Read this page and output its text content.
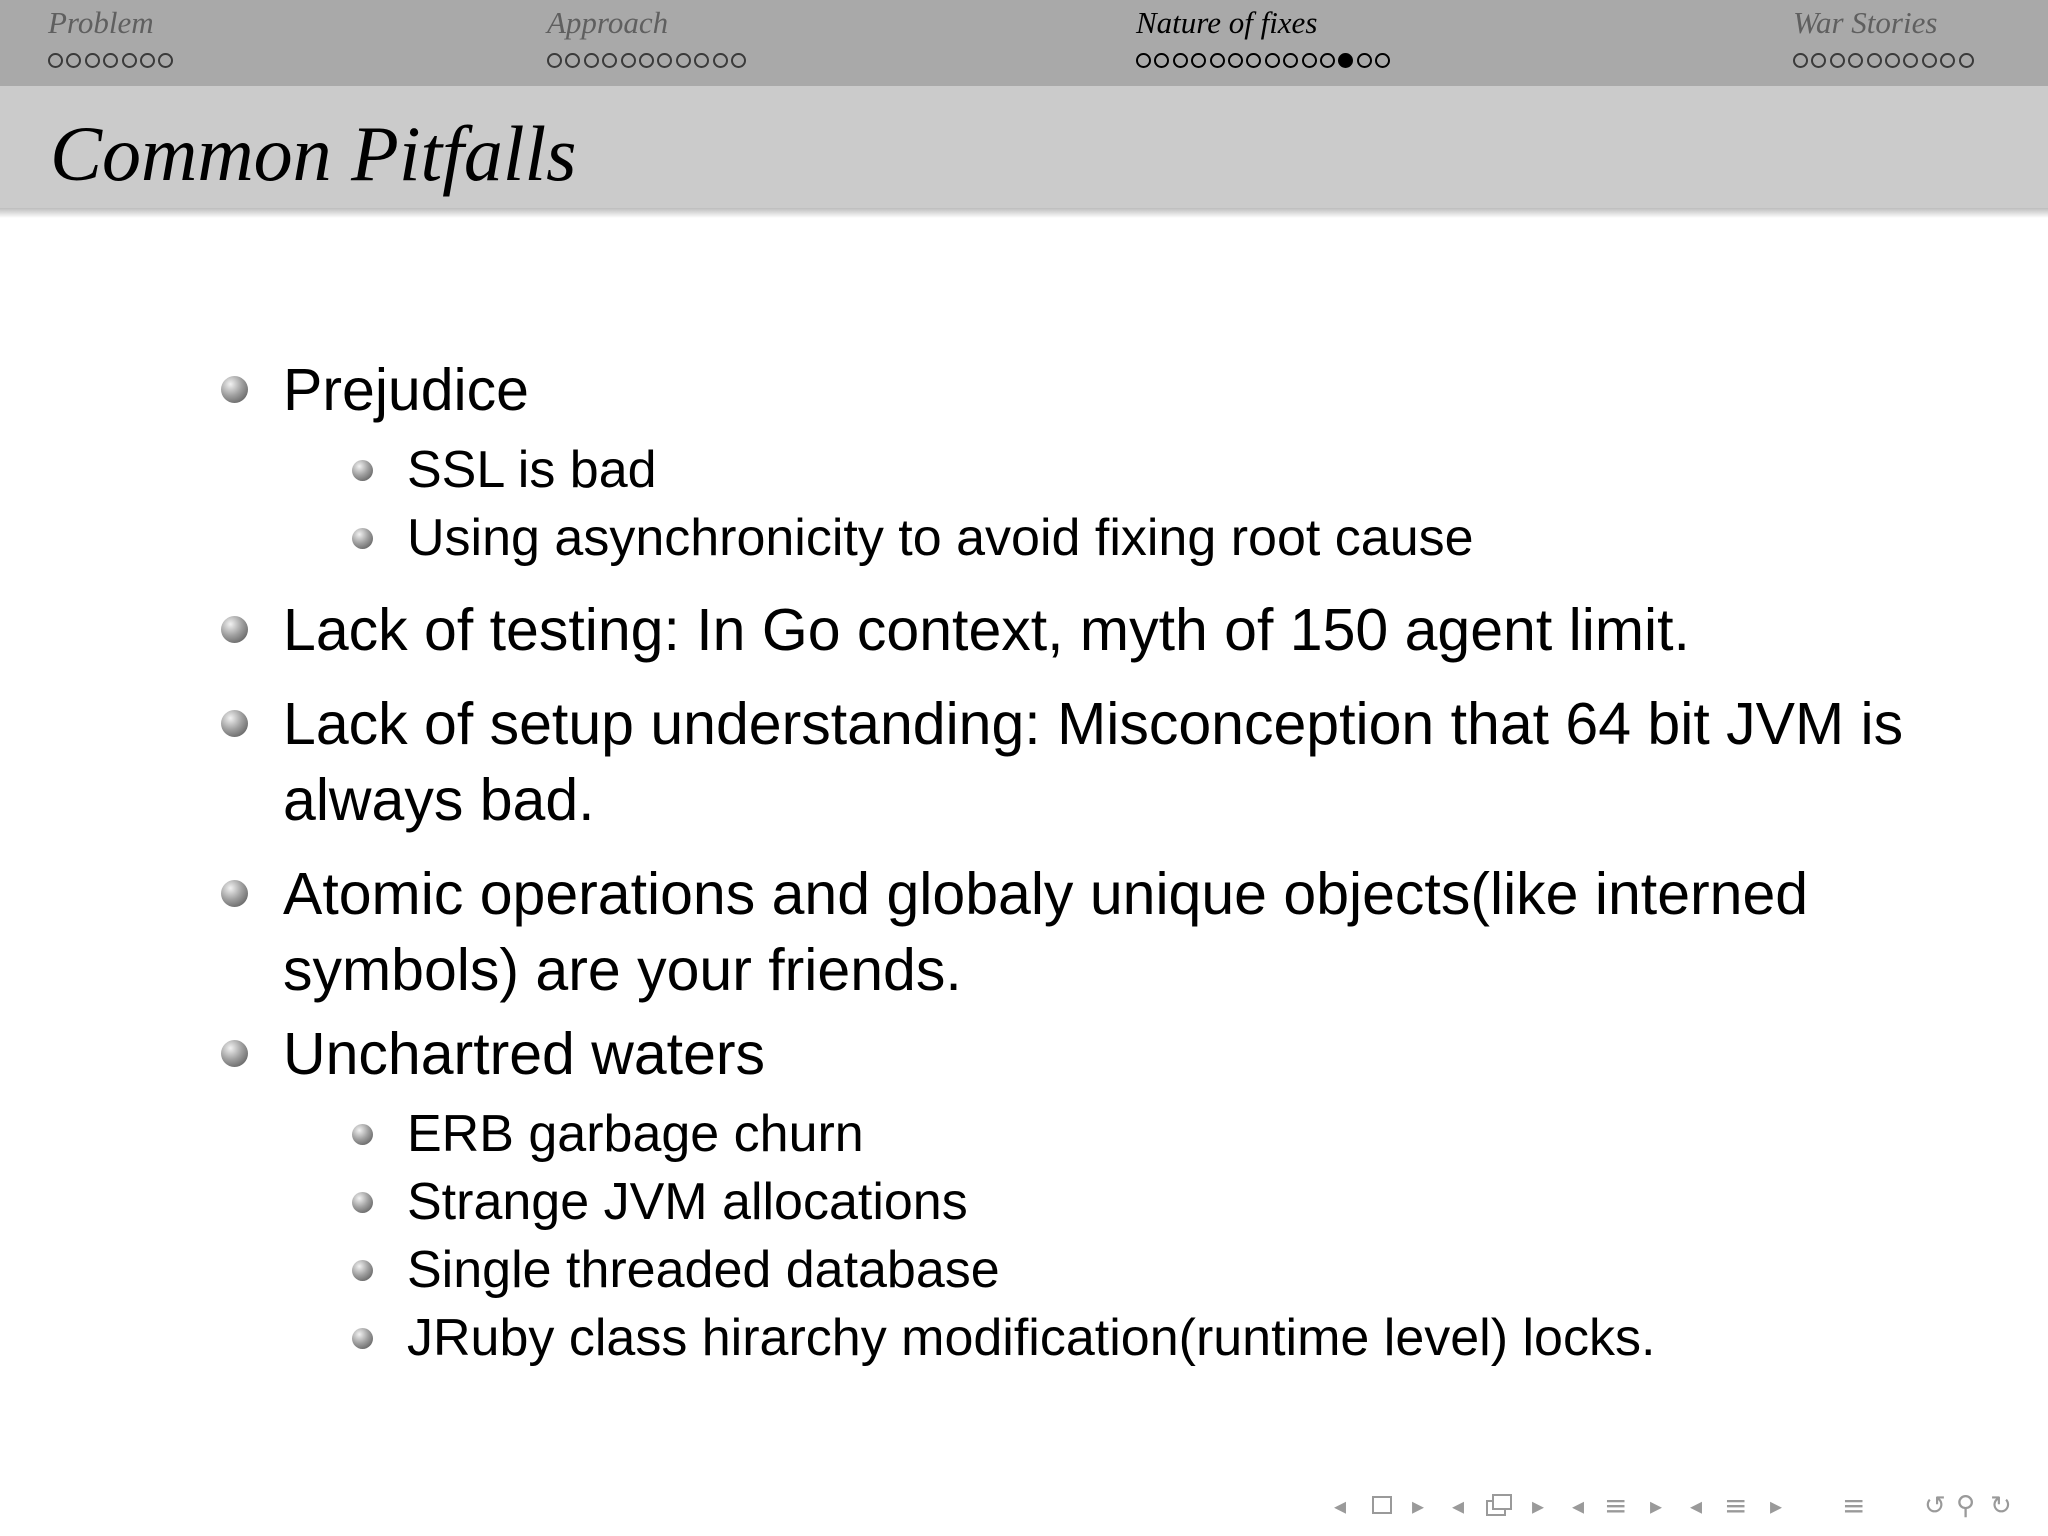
Problem	Approach	Nature of fixes	War Stories
Common Pitfalls
Prejudice
SSL is bad
Using asynchronicity to avoid fixing root cause
Lack of testing: In Go context, myth of 150 agent limit.
Lack of setup understanding: Misconception that 64 bit JVM is always bad.
Atomic operations and globaly unique objects(like interned symbols) are your friends.
Unchartred waters
ERB garbage churn
Strange JVM allocations
Single threaded database
JRuby class hirarchy modification(runtime level) locks.
◂	▸ ◂	▸ ◂ ≡ ▸ ◂ ≡ ▸ ≡ ↺ ⚲ ↻
